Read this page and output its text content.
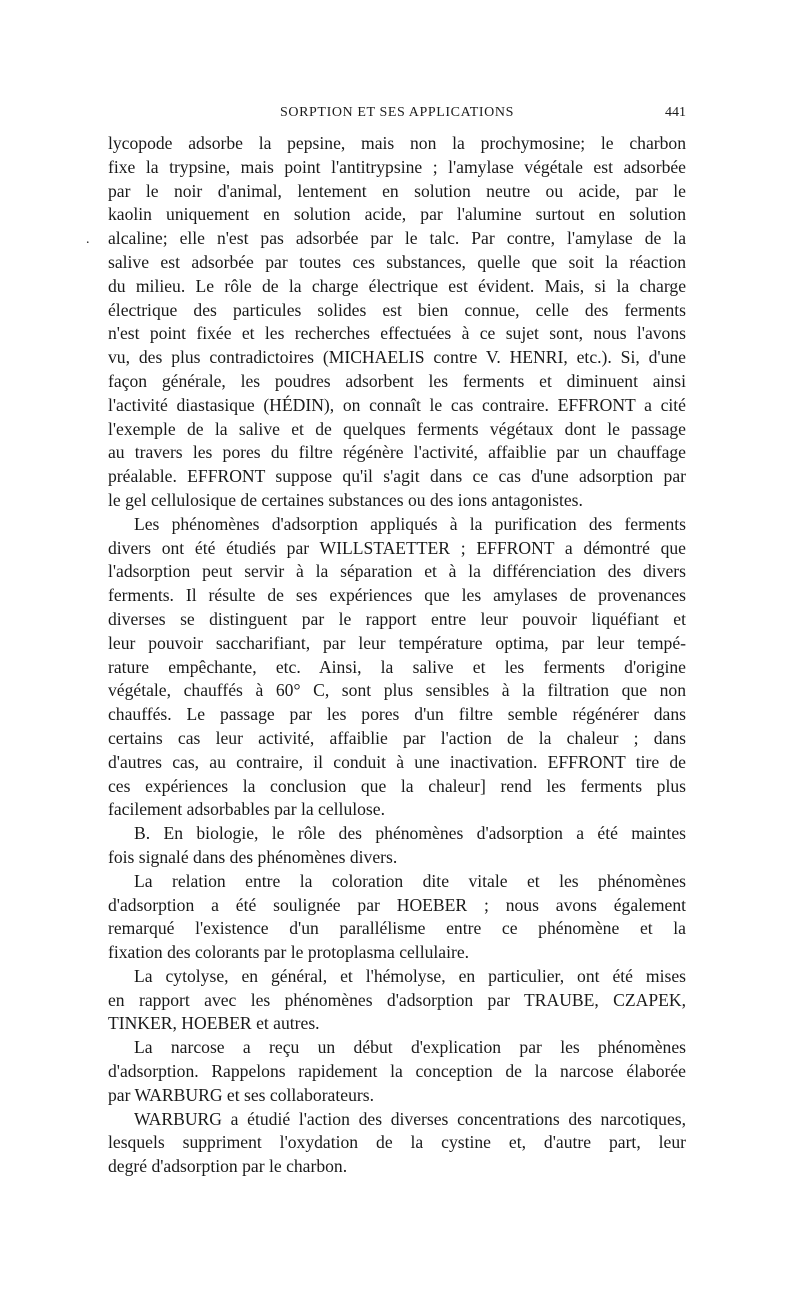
SORPTION ET SES APPLICATIONS	441
.
lycopode adsorbe la pepsine, mais non la prochymosine; le charbon
fixe la trypsine, mais point l'antitrypsine ; l'amylase végétale est adsorbée
par le noir d'animal, lentement en solution neutre ou acide, par le
kaolin uniquement en solution acide, par l'alumine surtout en solution
alcaline; elle n'est pas adsorbée par le talc. Par contre, l'amylase de la
salive est adsorbée par toutes ces substances, quelle que soit la réaction
du milieu. Le rôle de la charge électrique est évident. Mais, si la charge
électrique des particules solides est bien connue, celle des ferments
n'est point fixée et les recherches effectuées à ce sujet sont, nous l'avons
vu, des plus contradictoires (MICHAELIS contre V. HENRI, etc.). Si, d'une
façon générale, les poudres adsorbent les ferments et diminuent ainsi
l'activité diastasique (HÉDIN), on connaît le cas contraire. EFFRONT a cité
l'exemple de la salive et de quelques ferments végétaux dont le passage
au travers les pores du filtre régénère l'activité, affaiblie par un chauffage
préalable. EFFRONT suppose qu'il s'agit dans ce cas d'une adsorption par
le gel cellulosique de certaines substances ou des ions antagonistes.
Les phénomènes d'adsorption appliqués à la purification des ferments
divers ont été étudiés par WILLSTAETTER ; EFFRONT a démontré que
l'adsorption peut servir à la séparation et à la différenciation des divers
ferments. Il résulte de ses expériences que les amylases de provenances
diverses se distinguent par le rapport entre leur pouvoir liquéfiant et
leur pouvoir saccharifiant, par leur température optima, par leur tempé-
rature empêchante, etc. Ainsi, la salive et les ferments d'origine
végétale, chauffés à 60° C, sont plus sensibles à la filtration que non
chauffés. Le passage par les pores d'un filtre semble régénérer dans
certains cas leur activité, affaiblie par l'action de la chaleur ; dans
d'autres cas, au contraire, il conduit à une inactivation. EFFRONT tire de
ces expériences la conclusion que la chaleur] rend les ferments plus
facilement adsorbables par la cellulose.
B. En biologie, le rôle des phénomènes d'adsorption a été maintes
fois signalé dans des phénomènes divers.
La relation entre la coloration dite vitale et les phénomènes
d'adsorption a été soulignée par HOEBER ; nous avons également
remarqué l'existence d'un parallélisme entre ce phénomène et la
fixation des colorants par le protoplasma cellulaire.
La cytolyse, en général, et l'hémolyse, en particulier, ont été mises
en rapport avec les phénomènes d'adsorption par TRAUBE, CZAPEK,
TINKER, HOEBER et autres.
La narcose a reçu un début d'explication par les phénomènes
d'adsorption. Rappelons rapidement la conception de la narcose élaborée
par WARBURG et ses collaborateurs.
WARBURG a étudié l'action des diverses concentrations des narcotiques,
lesquels suppriment l'oxydation de la cystine et, d'autre part, leur
degré d'adsorption par le charbon.
